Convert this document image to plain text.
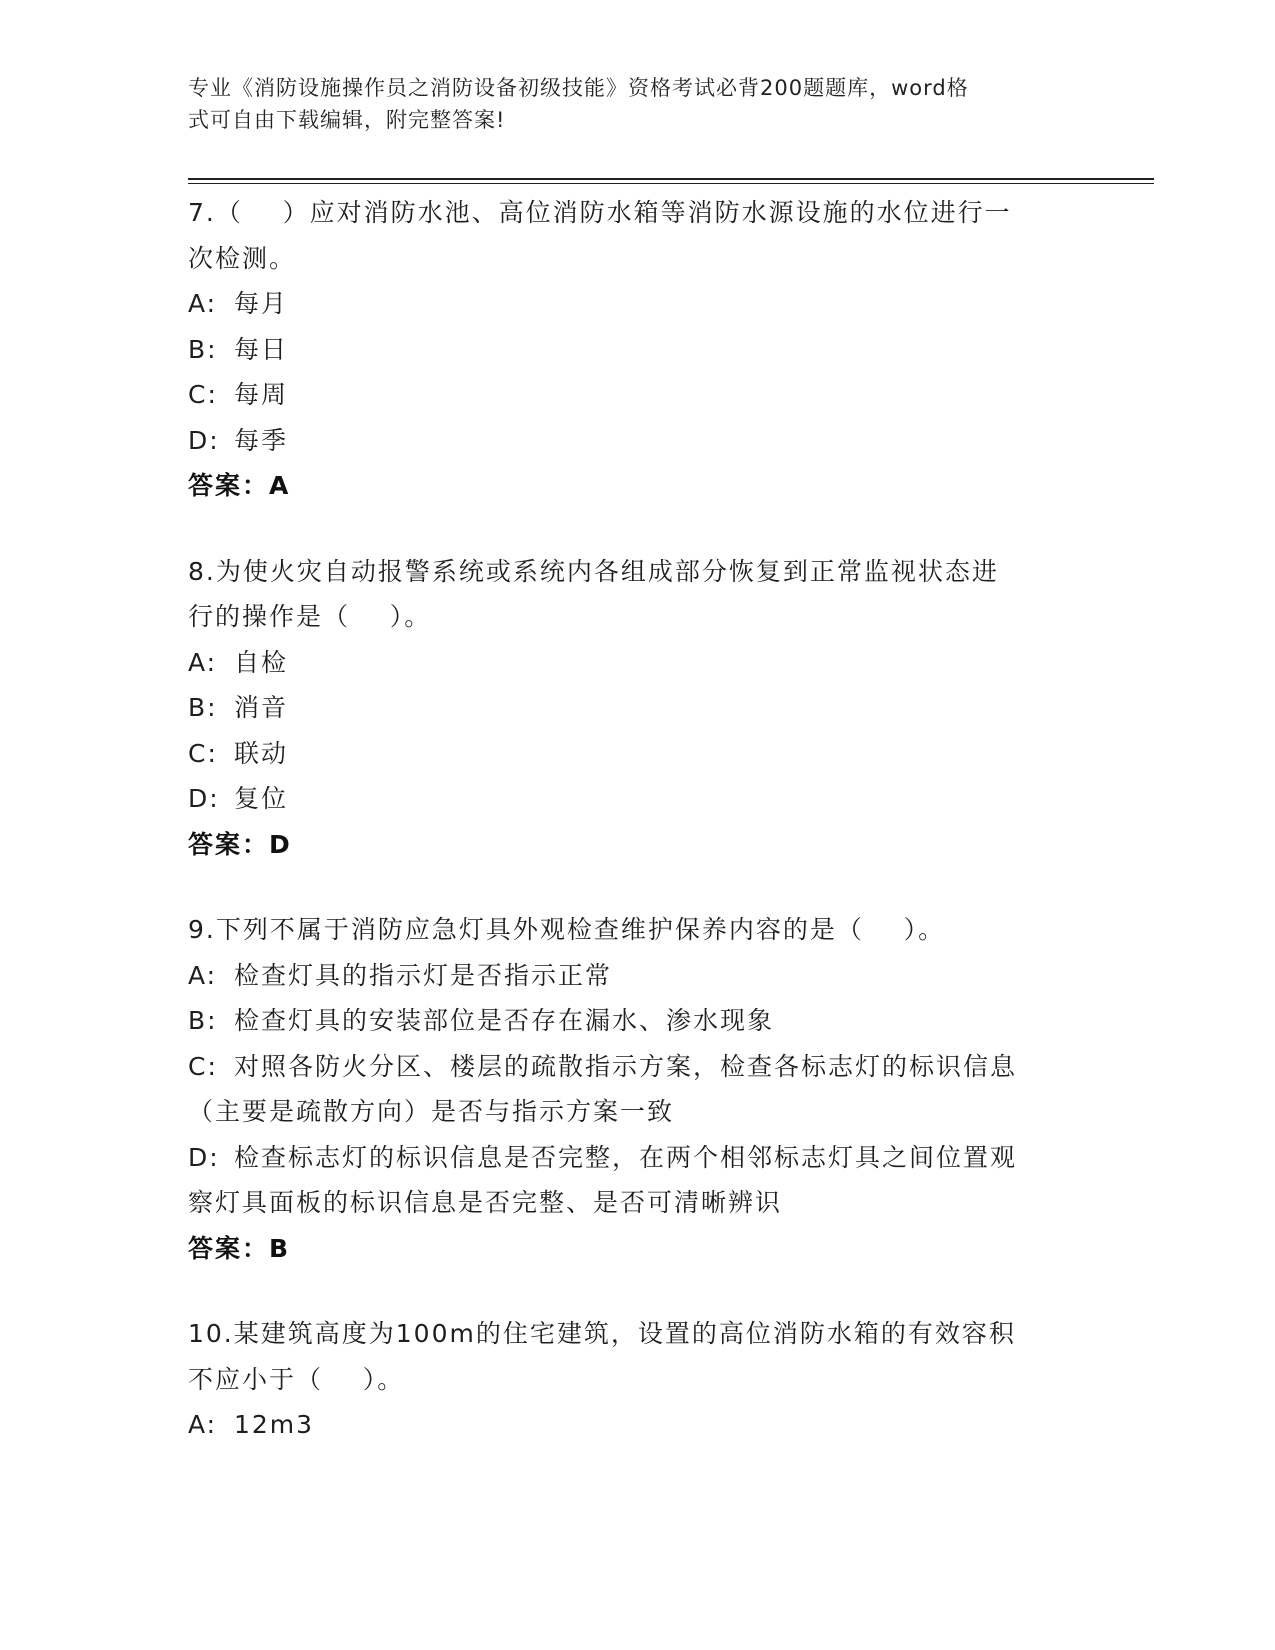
专业《消防设施操作员之消防设备初级技能》资格考试必背200题题库，word格
式可自由下载编辑，附完整答案!
7.（    ）应对消防水池、高位消防水箱等消防水源设施的水位进行一
次检测。
A: 每月
B: 每日
C: 每周
D: 每季
答案：A
8.为使火灾自动报警系统或系统内各组成部分恢复到正常监视状态进
行的操作是（    ）。
A: 自检
B: 消音
C: 联动
D: 复位
答案：D
9.下列不属于消防应急灯具外观检查维护保养内容的是（    ）。
A: 检查灯具的指示灯是否指示正常
B: 检查灯具的安装部位是否存在漏水、渗水现象
C: 对照各防火分区、楼层的疏散指示方案，检查各标志灯的标识信息
（主要是疏散方向）是否与指示方案一致
D: 检查标志灯的标识信息是否完整，在两个相邻标志灯具之间位置观
察灯具面板的标识信息是否完整、是否可清晰辨识
答案：B
10.某建筑高度为100m的住宅建筑，设置的高位消防水箱的有效容积
不应小于（    ）。
A: 12m3
